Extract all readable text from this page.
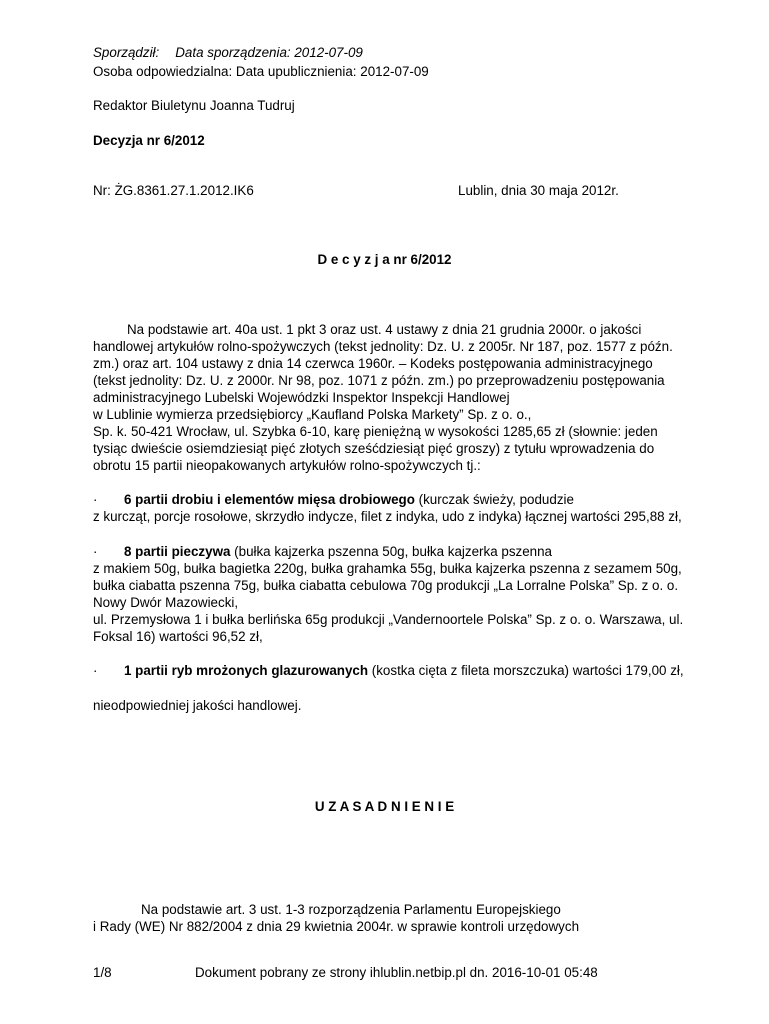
Sporządził: Data sporządzenia: 2012-07-09

Osoba odpowiedzialna: Data upublicznienia: 2012-07-09

Redaktor Biuletynu Joanna Tudruj

Decyzja nr 6/2012

Nr: ŻG.8361.27.1.2012.IK6	Lublin, dnia 30 maja 2012r.

D e c y z j a nr 6/2012

Na podstawie art. 40a ust. 1 pkt 3 oraz ust. 4 ustawy z dnia 21 grudnia 2000r. o jakości

handlowej artykułów rolno-spożywczych (tekst jednolity: Dz. U. z 2005r. Nr 187, poz. 1577 z późn.

zm.) oraz art. 104 ustawy z dnia 14 czerwca 1960r. – Kodeks postępowania administracyjnego

(tekst jednolity: Dz. U. z 2000r. Nr 98, poz. 1071 z późn. zm.) po przeprowadzeniu postępowania

administracyjnego Lubelski Wojewódzki Inspektor Inspekcji Handlowej

w Lublinie wymierza przedsiębiorcy „Kaufland Polska Markety” Sp. z o. o.,

Sp. k. 50-421 Wrocław, ul. Szybka 6-10, karę pieniężną w wysokości 1285,65 zł (słownie: jeden

tysiąc dwieście osiemdziesiąt pięć złotych sześćdziesiąt pięć groszy) z tytułu wprowadzenia do

obrotu 15 partii nieopakowanych artykułów rolno-spożywczych tj.:

· 6 partii drobiu i elementów mięsa drobiowego (kurczak świeży, podudzie

z kurcząt, porcje rosołowe, skrzydło indycze, filet z indyka, udo z indyka) łącznej wartości 295,88 zł,

· 8 partii pieczywa (bułka kajzerka pszenna 50g, bułka kajzerka pszenna

z makiem 50g, bułka bagietka 220g, bułka grahamka 55g, bułka kajzerka pszenna z sezamem 50g,

bułka ciabatta pszenna 75g, bułka ciabatta cebulowa 70g produkcji „La Lorralne Polska” Sp. z o. o.

Nowy Dwór Mazowiecki,

ul. Przemysłowa 1 i bułka berlińska 65g produkcji „Vandernoortele Polska” Sp. z o. o. Warszawa, ul.

Foksal 16) wartości 96,52 zł,

· 1 partii ryb mrożonych glazurowanych (kostka cięta z fileta morszczuka) wartości 179,00 zł,

nieodpowiedniej jakości handlowej.

U Z A S A D N I E N I E

Na podstawie art. 3 ust. 1-3 rozporządzenia Parlamentu Europejskiego

i Rady (WE) Nr 882/2004 z dnia 29 kwietnia 2004r. w sprawie kontroli urzędowych

1/8	Dokument pobrany ze strony ihlublin.netbip.pl dn. 2016-10-01 05:48
